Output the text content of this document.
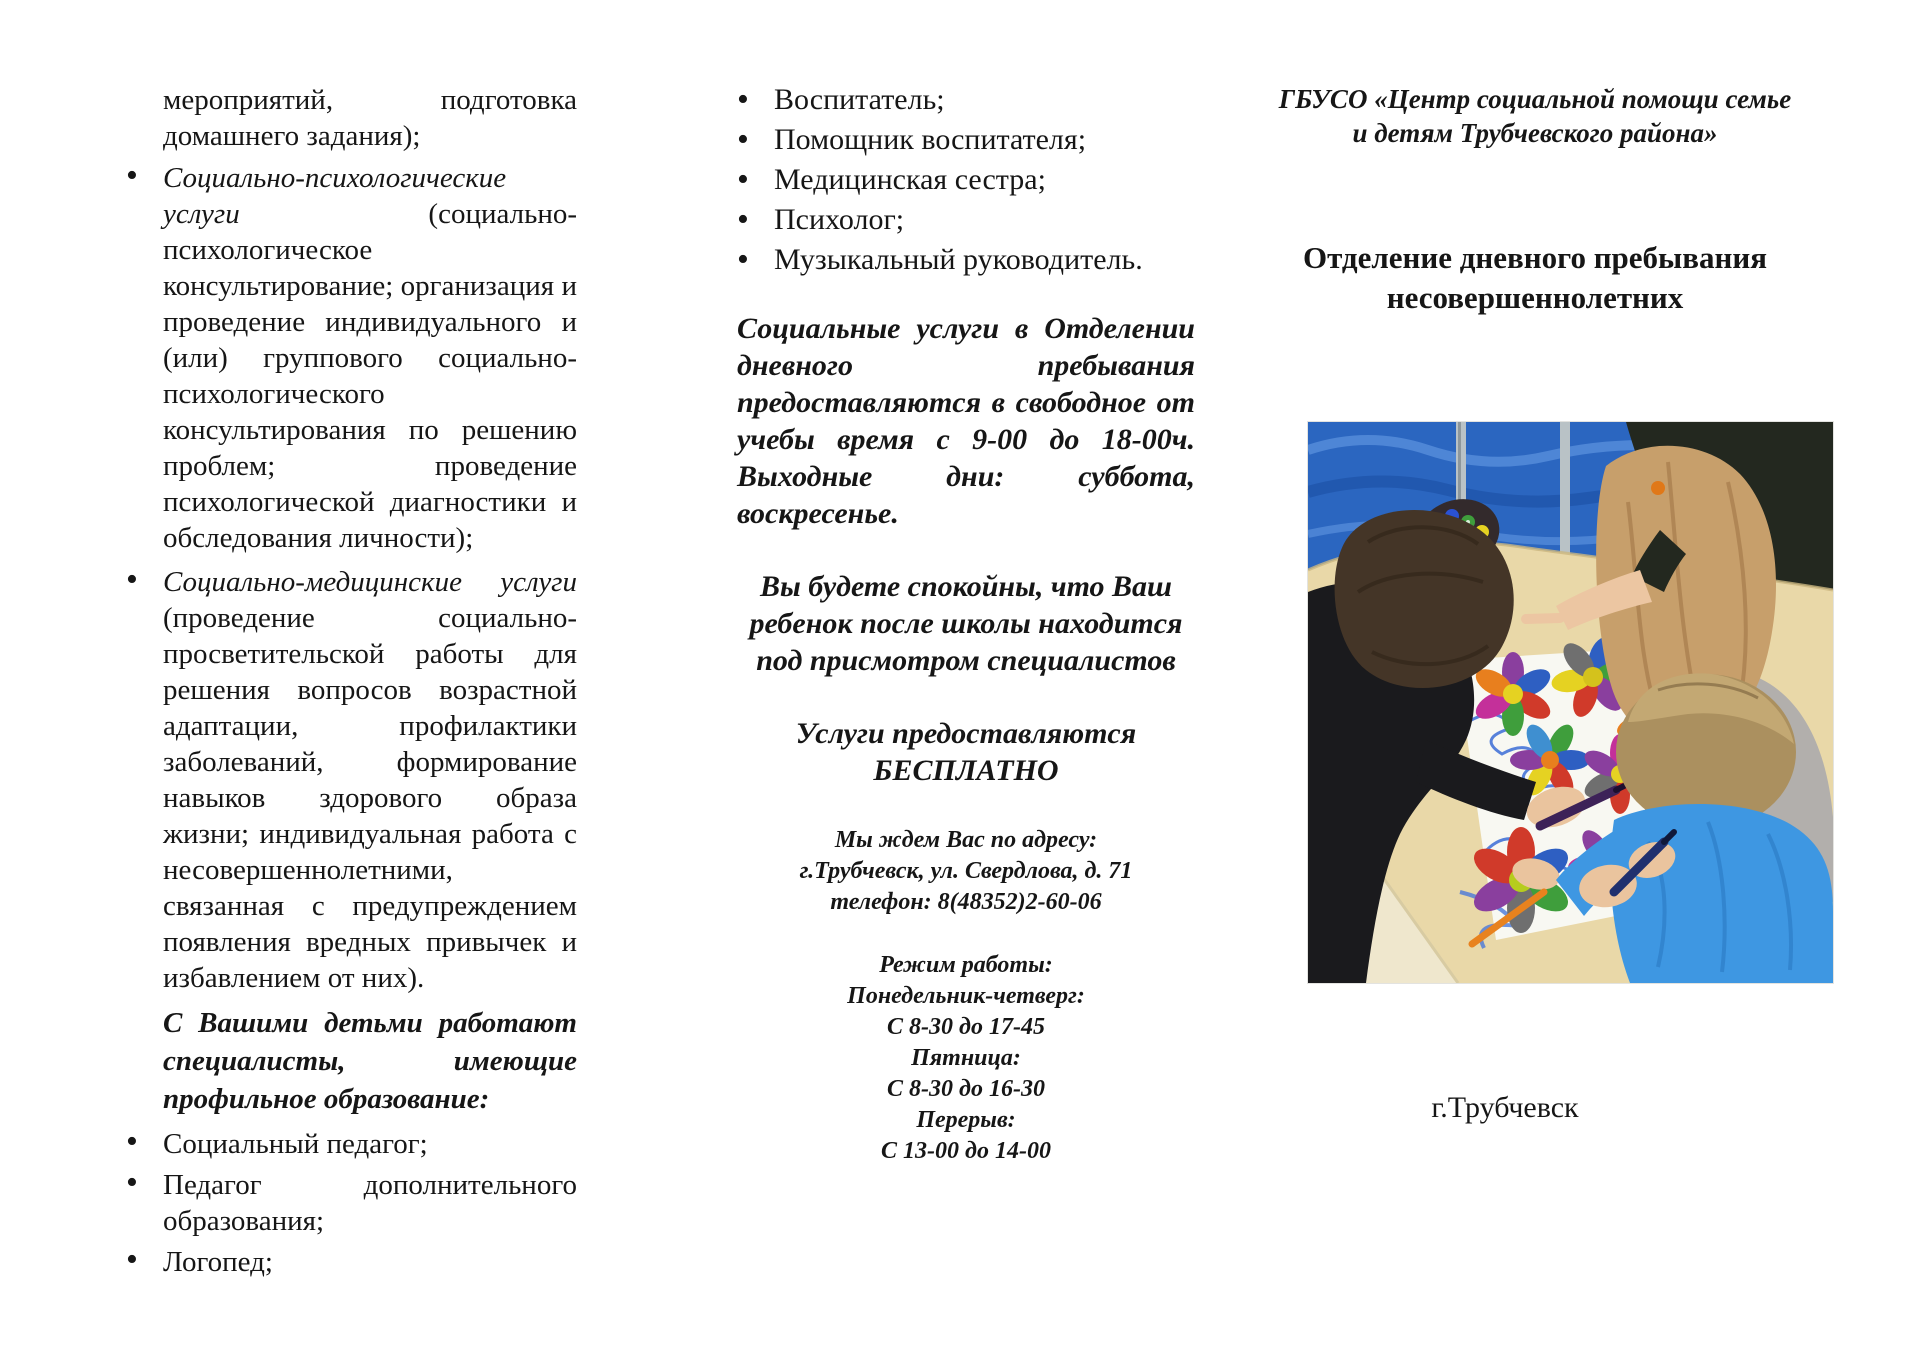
мероприятий, подготовка домашнего задания);

• Социально-психологические услуги (социально-психологическое консультирование; организация и проведение индивидуального и (или) группового социально-психологического консультирования по решению проблем; проведение психологической диагностики и обследования личности);
• Социально-медицинские услуги (проведение социально-просветительской работы для решения вопросов возрастной адаптации, профилактики заболеваний, формирование навыков здорового образа жизни; индивидуальная работа с несовершеннолетними, связанная с предупреждением появления вредных привычек и избавлением от них).

С Вашими детьми работают специалисты, имеющие профильное образование:

• Социальный педагог;
• Педагог дополнительного образования;
• Логопед;
• Воспитатель;
• Помощник воспитателя;
• Медицинская сестра;
• Психолог;
• Музыкальный руководитель.

Социальные услуги в Отделении дневного пребывания предоставляются в свободное от учебы время с 9-00 до 18-00ч. Выходные дни: суббота, воскресенье.

Вы будете спокойны, что Ваш ребенок после школы находится под присмотром специалистов

Услуги предоставляются
БЕСПЛАТНО

Мы ждем Вас по адресу:
г.Трубчевск, ул. Свердлова, д. 71
телефон: 8(48352)2-60-06
Режим работы:
Понедельник-четверг:
С 8-30 до 17-45
Пятница:
С 8-30 до 16-30
Перерыв:
С 13-00 до 14-00
ГБУСО «Центр социальной помощи семье и детям Трубчевского района»
Отделение дневного пребывания
несовершеннолетних
г.Трубчевск
